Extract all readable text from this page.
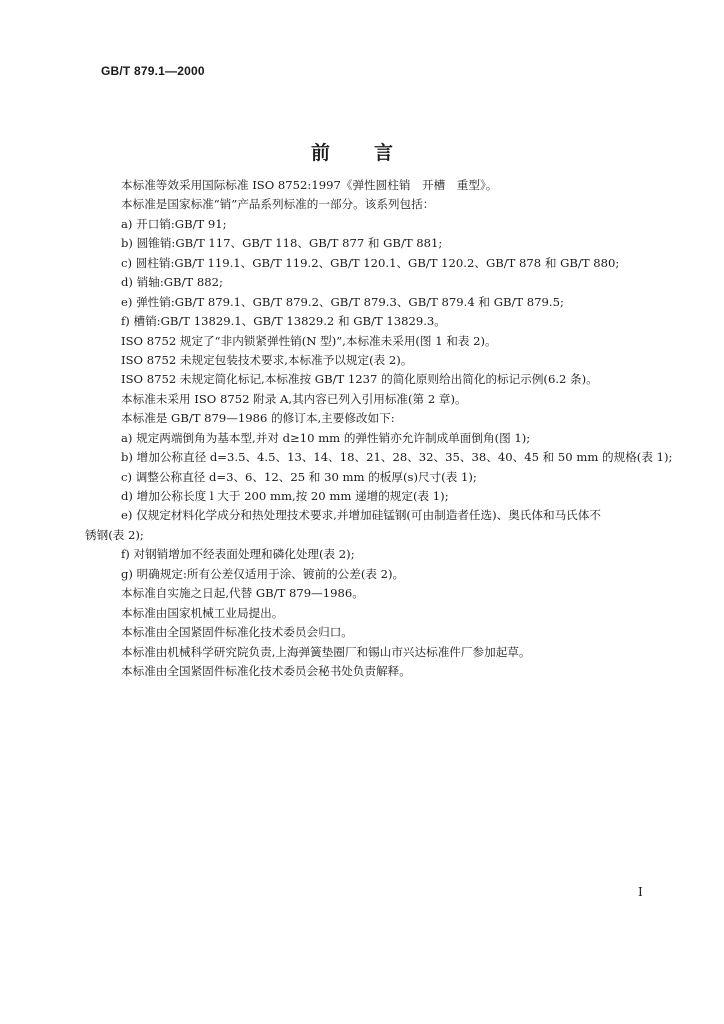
GB/T 879.1—2000
前言
本标准等效采用国际标准 ISO 8752:1997《弹性圆柱销　开槽　重型》。
本标准是国家标准“销”产品系列标准的一部分。该系列包括：
a) 开口销:GB/T 91;
b) 圆锥销:GB/T 117、GB/T 118、GB/T 877 和 GB/T 881;
c) 圆柱销:GB/T 119.1、GB/T 119.2、GB/T 120.1、GB/T 120.2、GB/T 878 和 GB/T 880;
d) 销轴:GB/T 882;
e) 弹性销:GB/T 879.1、GB/T 879.2、GB/T 879.3、GB/T 879.4 和 GB/T 879.5;
f) 槽销:GB/T 13829.1、GB/T 13829.2 和 GB/T 13829.3。
ISO 8752 规定了“非内锁紧弹性销(N 型)”,本标准未采用(图 1 和表 2)。
ISO 8752 未规定包装技术要求,本标准予以规定(表 2)。
ISO 8752 未规定简化标记,本标准按 GB/T 1237 的简化原则给出简化的标记示例(6.2 条)。
本标准未采用 ISO 8752 附录 A,其内容已列入引用标准(第 2 章)。
本标准是 GB/T 879—1986 的修订本,主要修改如下:
a) 规定两端倒角为基本型,并对 d≥10 mm 的弹性销亦允许制成单面倒角(图 1);
b) 增加公称直径 d=3.5、4.5、13、14、18、21、28、32、35、38、40、45 和 50 mm 的规格(表 1);
c) 调整公称直径 d=3、6、12、25 和 30 mm 的板厚(s)尺寸(表 1);
d) 增加公称长度 l 大于 200 mm,按 20 mm 递增的规定(表 1);
e) 仅规定材料化学成分和热处理技术要求,并增加硅锰钢(可由制造者任选)、奥氏体和马氏体不
锈钢(表 2);
f) 对钢销增加不经表面处理和磷化处理(表 2);
g) 明确规定:所有公差仅适用于涂、镀前的公差(表 2)。
本标准自实施之日起,代替 GB/T 879—1986。
本标准由国家机械工业局提出。
本标准由全国紧固件标准化技术委员会归口。
本标准由机械科学研究院负责,上海弹簧垫圈厂和锡山市兴达标准件厂参加起草。
本标准由全国紧固件标准化技术委员会秘书处负责解释。
I
